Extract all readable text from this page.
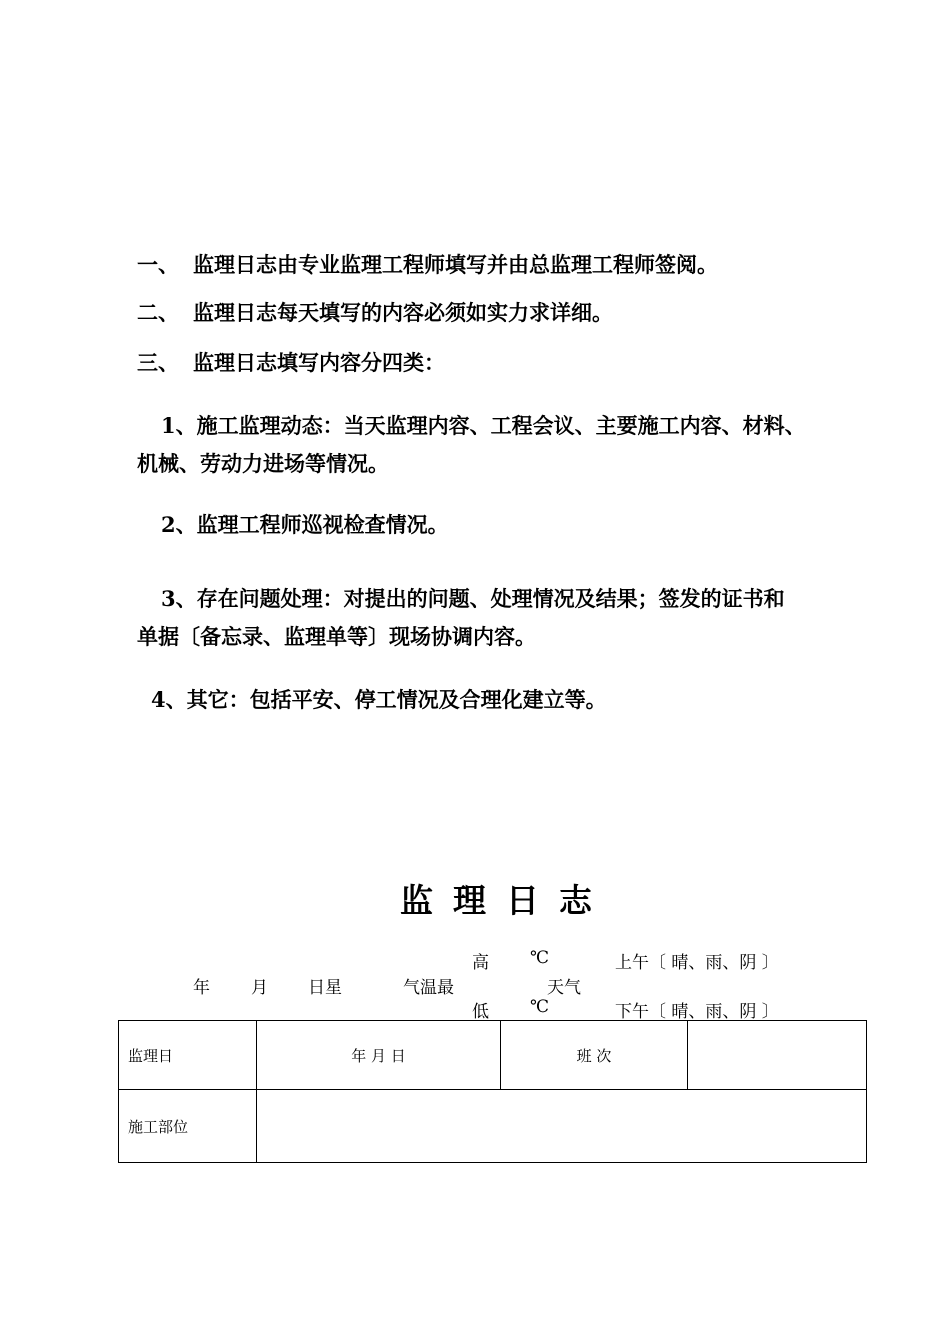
一、 监理日志由专业监理工程师填写并由总监理工程师签阅。
二、 监理日志每天填写的内容必须如实力求详细。
三、 监理日志填写内容分四类：
1、施工监理动态：当天监理内容、工程会议、主要施工内容、材料、
机械、劳动力进场等情况。
2、监理工程师巡视检查情况。
3、存在问题处理：对提出的问题、处理情况及结果；签发的证书和
单据〔备忘录、监理单等〕现场协调内容。
4、其它：包括平安、停工情况及合理化建立等。
监理日志
高 ℃	上午〔 晴、雨、阴 〕
年 月 日星	气温最	天气
低 ℃	下午〔 晴、雨、阴 〕
监理日	年 月 日	班 次	
施工部位			
